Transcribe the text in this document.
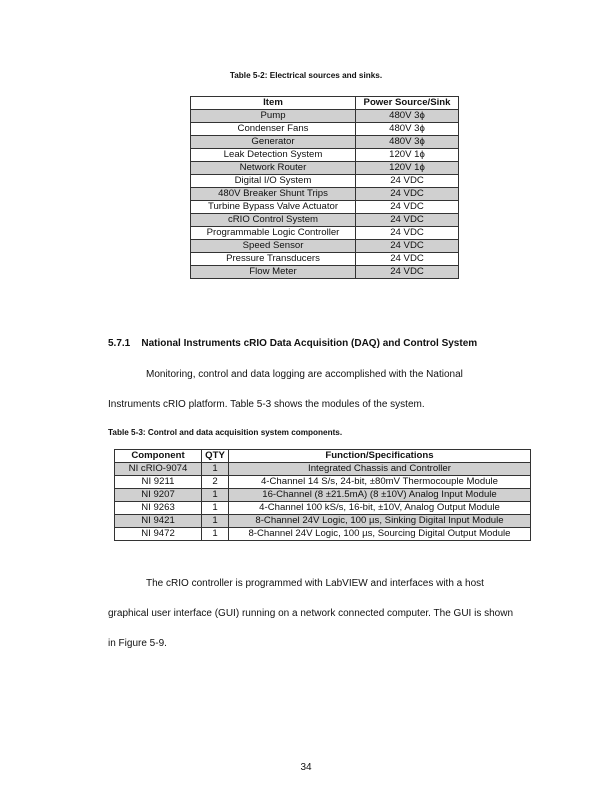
Table 5-2: Electrical sources and sinks.
Item	Power Source/Sink
Pump	480V 3ϕ
Condenser Fans	480V 3ϕ
Generator	480V 3ϕ
Leak Detection System	120V 1ϕ
Network Router	120V 1ϕ
Digital I/O System	24 VDC
480V Breaker Shunt Trips	24 VDC
Turbine Bypass Valve Actuator	24 VDC
cRIO Control System	24 VDC
Programmable Logic Controller	24 VDC
Speed Sensor	24 VDC
Pressure Transducers	24 VDC
Flow Meter	24 VDC
5.7.1 National Instruments cRIO Data Acquisition (DAQ) and Control System
Monitoring, control and data logging are accomplished with the National Instruments cRIO platform. Table 5-3 shows the modules of the system.
Table 5-3: Control and data acquisition system components.
Component	QTY	Function/Specifications
NI cRIO-9074	1	Integrated Chassis and Controller
NI 9211	2	4-Channel 14 S/s, 24-bit, ±80mV Thermocouple Module
NI 9207	1	16-Channel (8 ±21.5mA) (8 ±10V) Analog Input Module
NI 9263	1	4-Channel 100 kS/s, 16-bit, ±10V, Analog Output Module
NI 9421	1	8-Channel 24V Logic, 100 µs, Sinking Digital Input Module
NI 9472	1	8-Channel 24V Logic, 100 µs, Sourcing Digital Output Module
The cRIO controller is programmed with LabVIEW and interfaces with a host graphical user interface (GUI) running on a network connected computer. The GUI is shown in Figure 5-9.
34
